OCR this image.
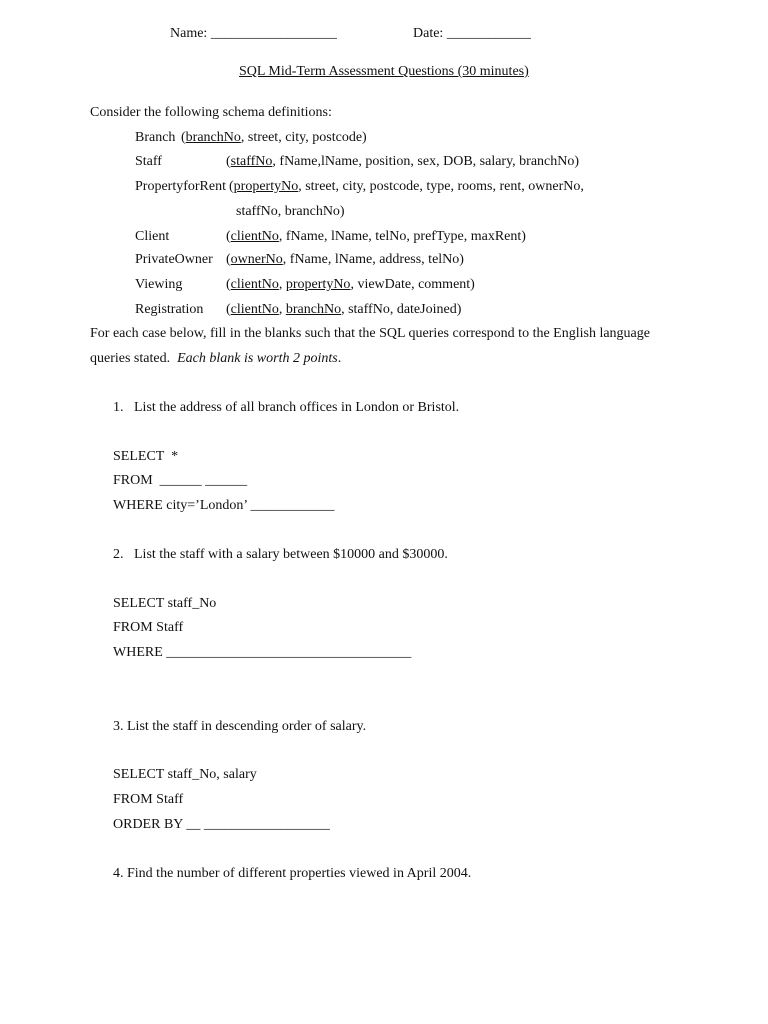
Name: __________________	Date: ____________
SQL Mid-Term Assessment Questions (30 minutes)
Consider the following schema definitions:
Branch (branchNo, street, city, postcode)
Staff	(staffNo, fName,lName, position, sex, DOB, salary, branchNo)
PropertyforRent (propertyNo, street, city, postcode, type, rooms, rent, ownerNo,
staffNo, branchNo)
Client	(clientNo, fName, lName, telNo, prefType, maxRent)
PrivateOwner (ownerNo, fName, lName, address, telNo)
Viewing	(clientNo, propertyNo, viewDate, comment)
Registration (clientNo, branchNo, staffNo, dateJoined)
For each case below, fill in the blanks such that the SQL queries correspond to the English language
queries stated.  Each blank is worth 2 points.
1.   List the address of all branch offices in London or Bristol.
SELECT  *
FROM  ______ ______
WHERE city=’London’ ____________
2.   List the staff with a salary between $10000 and $30000.
SELECT staff_No
FROM Staff
WHERE ___________________________________
3. List the staff in descending order of salary.
SELECT staff_No, salary
FROM Staff
ORDER BY __ __________________
4. Find the number of different properties viewed in April 2004.
